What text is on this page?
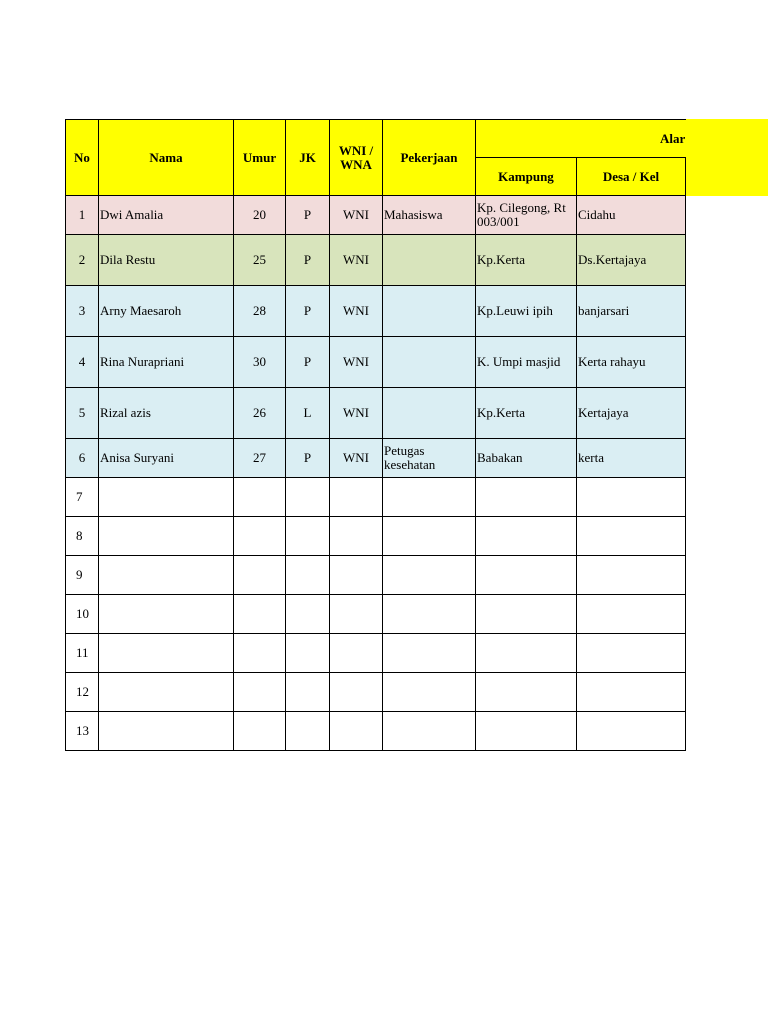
No	Nama	Umur	JK	WNI / WNA	Pekerjaan	Alar	
						Kampung	Desa / Kel
1	Dwi Amalia	20	P	WNI	Mahasiswa	Kp. Cilegong, Rt 003/001	Cidahu
2	Dila Restu	25	P	WNI		Kp.Kerta	Ds.Kertajaya
3	Arny Maesaroh	28	P	WNI		Kp.Leuwi ipih	banjarsari
4	Rina Nurapriani	30	P	WNI		K. Umpi masjid	Kerta rahayu
5	Rizal azis	26	L	WNI		Kp.Kerta	Kertajaya
6	Anisa Suryani	27	P	WNI	Petugas kesehatan	Babakan	kerta
7							
8							
9							
10							
11							
12							
13							
